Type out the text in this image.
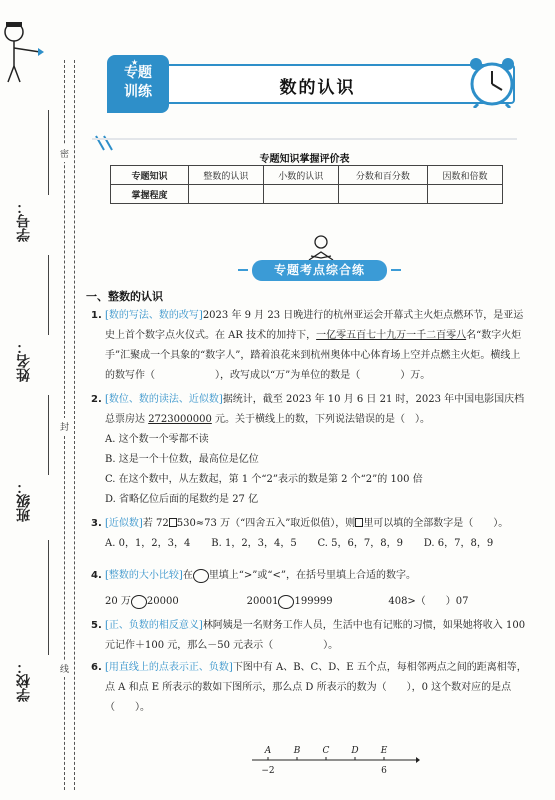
密
封
线
学号：
姓名：
班级：
学校：
数的认识
专题
训练
★
专题知识掌握评价表
专题知识	整数的认识	小数的认识	分数和百分数	因数和倍数
掌握程度				
专题考点综合练
一、整数的认识
1. [数的写法、数的改写]2023 年 9 月 23 日晚进行的杭州亚运会开幕式主火炬点燃环节，是亚运史上首个数字点火仪式。在 AR 技术的加持下，一亿零五百七十九万一千二百零八名“数字火炬手”汇聚成一个具象的“数字人”，踏着浪花来到杭州奥体中心体育场上空并点燃主火炬。横线上的数写作（　　　　　　），改写成以“万”为单位的数是（　　　　）万。
2. [数位、数的读法、近似数]据统计，截至 2023 年 10 月 6 日 21 时，2023 年中国电影国庆档总票房达 2723000000 元。关于横线上的数，下列说法错误的是（　）。
A. 这个数一个零都不读
B. 这是一个十位数，最高位是亿位
C. 在这个数中，从左数起，第 1 个“2”表示的数是第 2 个“2”的 100 倍
D. 省略亿位后面的尾数约是 27 亿
3. [近似数]若 72 530≈73 万（“四舍五入”取近似值），则 里可以填的全部数字是（　　）。
A. 0，1，2，3，4	B. 1，2，3，4，5	C. 5，6，7，8，9	D. 6，7，8，9
4. [整数的大小比较]在 里填上“>”或“<”，在括号里填上合适的数字。
20 万 20000	20001 199999	408>（　　）07
5. [正、负数的相反意义]林阿姨是一名财务工作人员，生活中也有记账的习惯，如果她将收入 100 元记作＋100 元，那么－50 元表示（　　　　　）。
6. [用直线上的点表示正、负数]下图中有 A、B、C、D、E 五个点，每相邻两点之间的距离相等，点 A 和点 E 所表示的数如下图所示，那么点 D 所表示的数为（　　），0 这个数对应的是点（　　）。
A B C D E
−2	6
